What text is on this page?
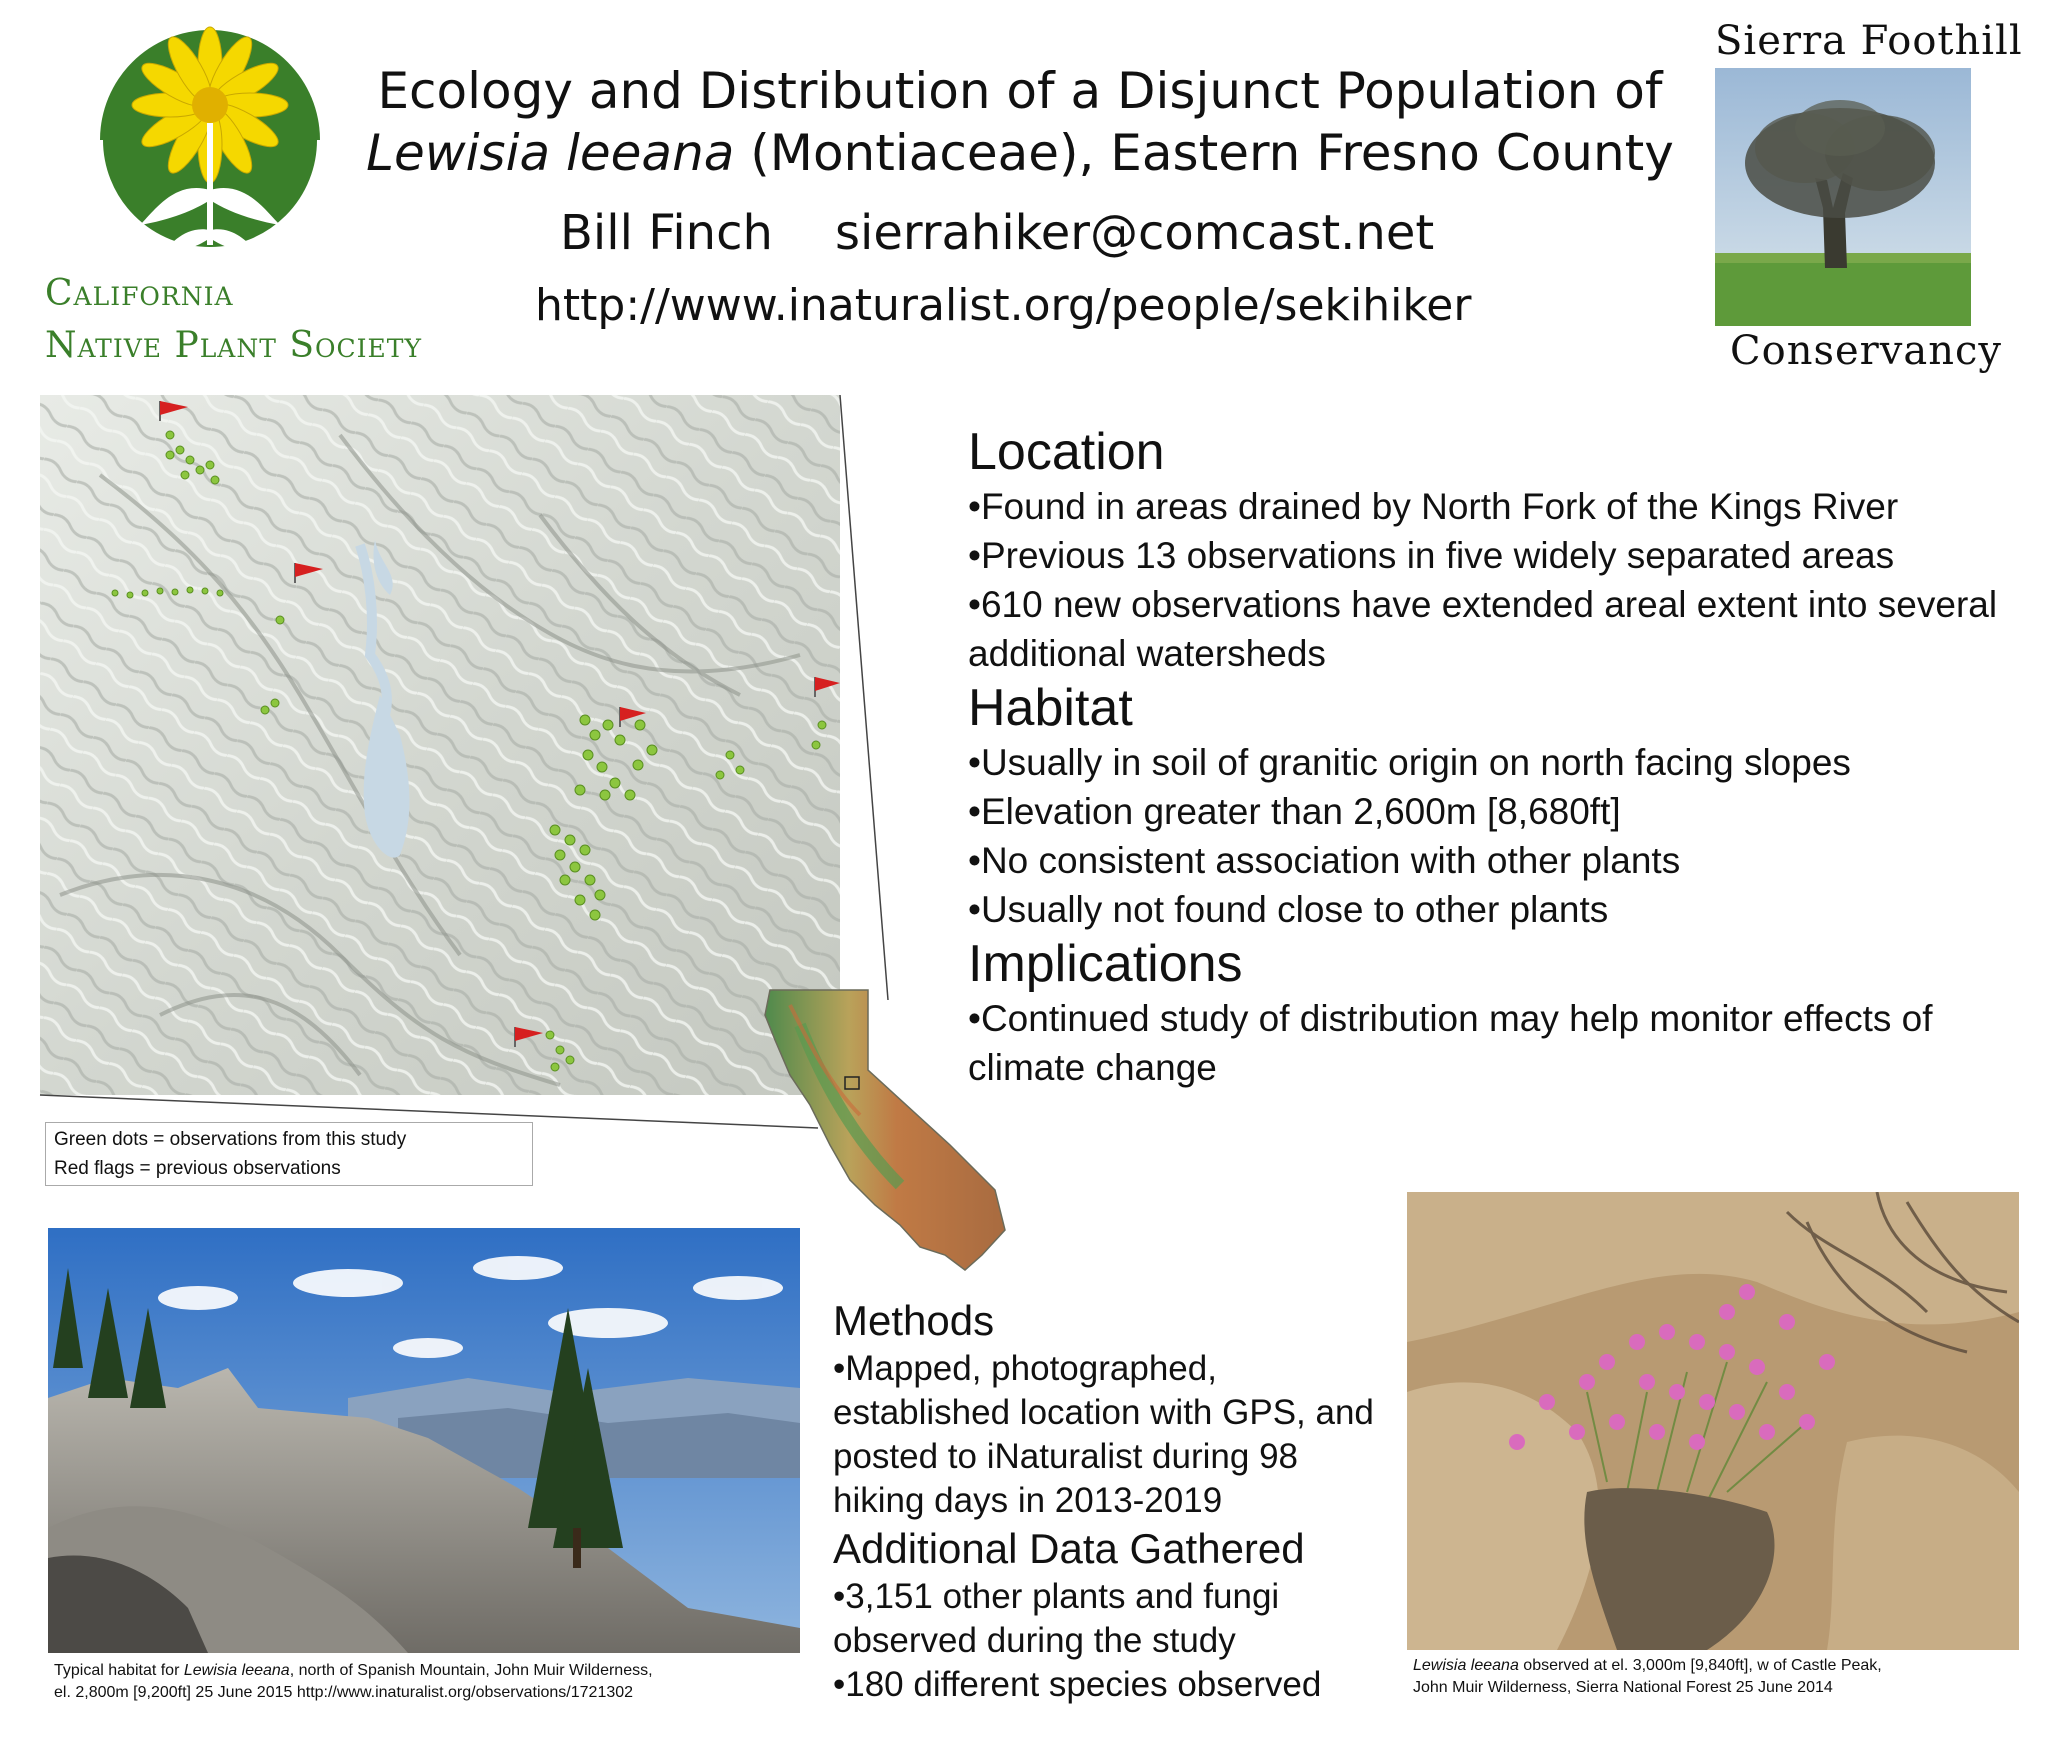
Ecology and Distribution of a Disjunct Population of
Lewisia leeana (Montiaceae), Eastern Fresno County
Bill Finch sierrahiker@comcast.net
http://www.inaturalist.org/people/sekihiker
California
Native Plant Society
Sierra Foothill
Conservancy
Green dots = observations from this study
Red flags = previous observations
Location
•Found in areas drained by North Fork of the Kings River
•Previous 13 observations in five widely separated areas
•610 new observations have extended areal extent into several additional watersheds
Habitat
•Usually in soil of granitic origin on north facing slopes
•Elevation greater than 2,600m [8,680ft]
•No consistent association with other plants
•Usually not found close to other plants
Implications
•Continued study of distribution may help monitor effects of climate change
Methods
•Mapped, photographed, established location with GPS, and posted to iNaturalist during 98 hiking days in 2013-2019
Additional Data Gathered
•3,151 other plants and fungi observed during the study
•180 different species observed
Typical habitat for Lewisia leeana, north of Spanish Mountain, John Muir Wilderness,
el. 2,800m [9,200ft] 25 June 2015 http://www.inaturalist.org/observations/1721302
Lewisia leeana observed at el. 3,000m [9,840ft], w of Castle Peak,
John Muir Wilderness, Sierra National Forest 25 June 2014
